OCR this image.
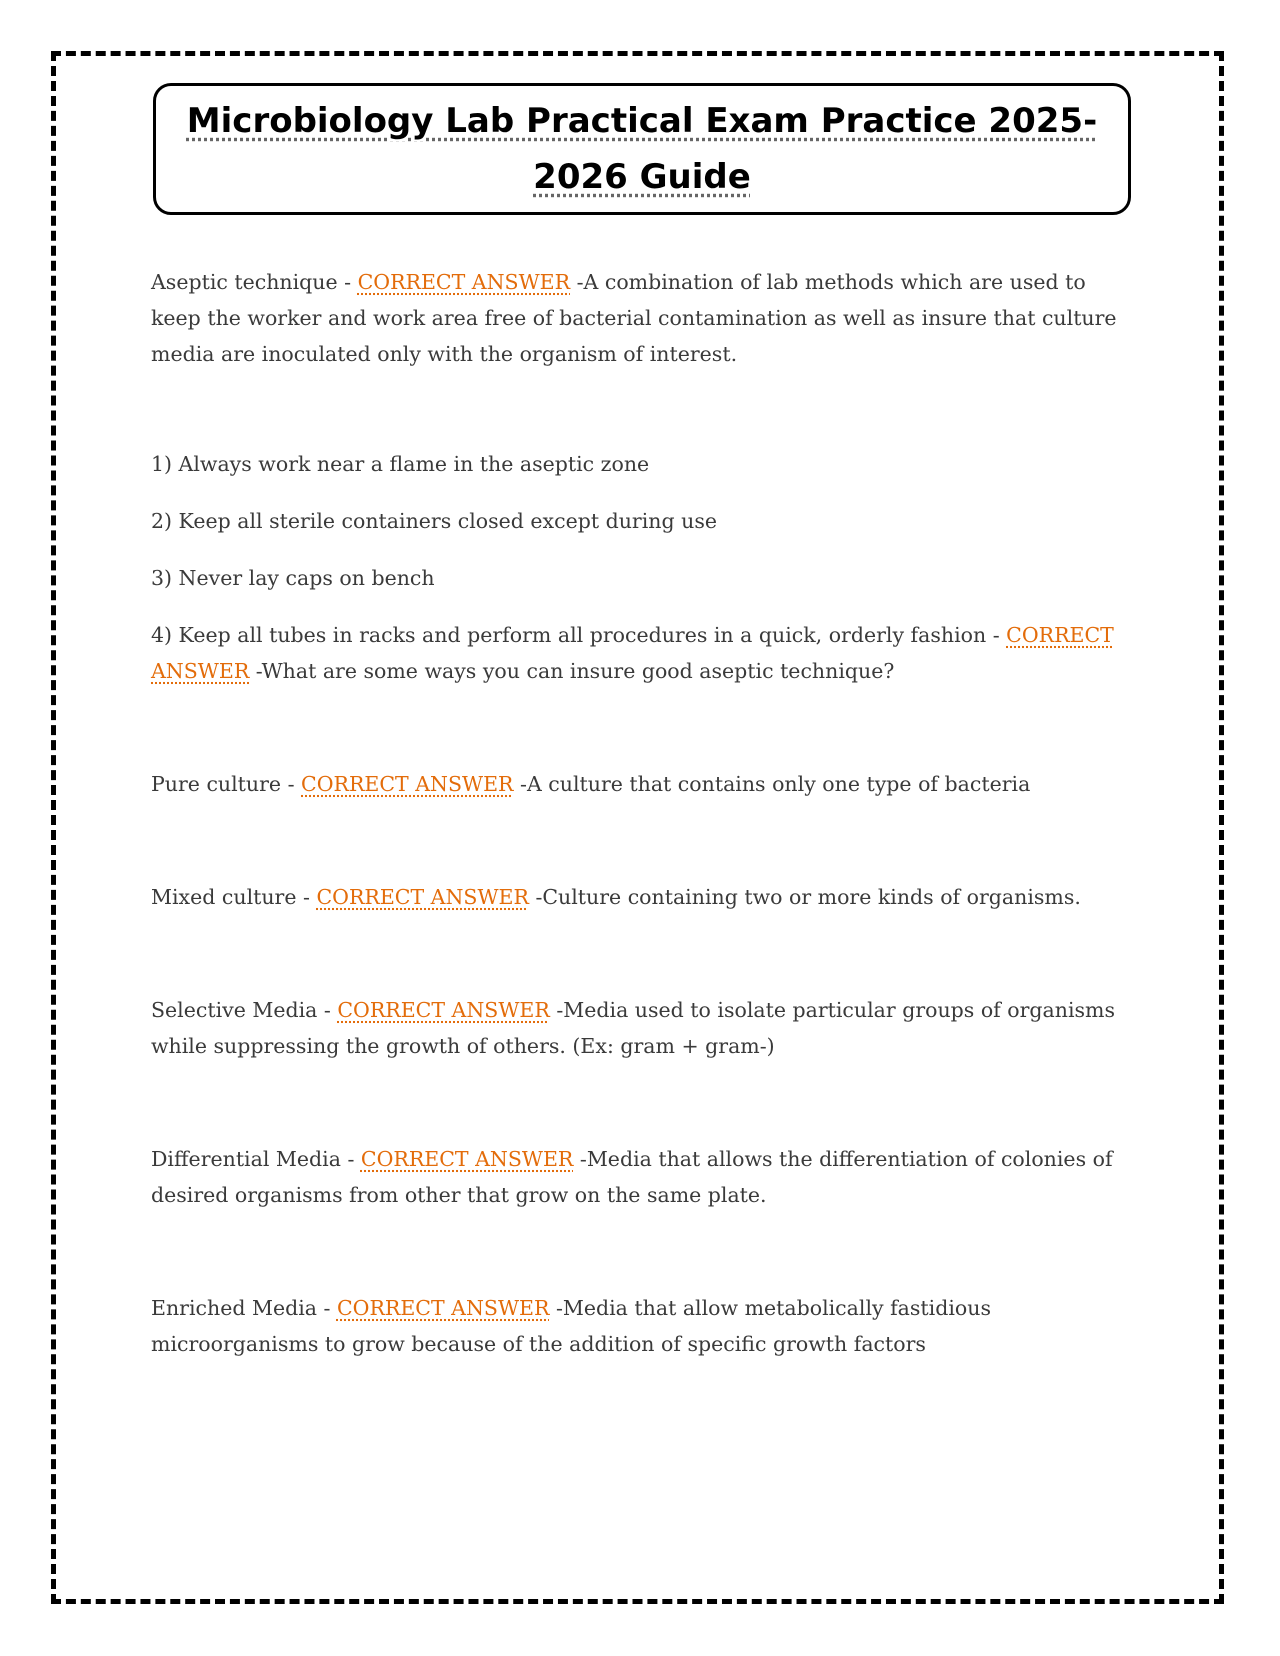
Microbiology Lab Practical Exam Practice 2025-
2026 Guide

Aseptic technique - CORRECT ANSWER -A combination of lab methods which are used to keep the worker and work area free of bacterial contamination as well as insure that culture media are inoculated only with the organism of interest.

1) Always work near a flame in the aseptic zone

2) Keep all sterile containers closed except during use

3) Never lay caps on bench

4) Keep all tubes in racks and perform all procedures in a quick, orderly fashion - CORRECT ANSWER -What are some ways you can insure good aseptic technique?

Pure culture - CORRECT ANSWER -A culture that contains only one type of bacteria

Mixed culture - CORRECT ANSWER -Culture containing two or more kinds of organisms.

Selective Media - CORRECT ANSWER -Media used to isolate particular groups of organisms while suppressing the growth of others. (Ex: gram + gram-)

Differential Media - CORRECT ANSWER -Media that allows the differentiation of colonies of desired organisms from other that grow on the same plate.

Enriched Media - CORRECT ANSWER -Media that allow metabolically fastidious microorganisms to grow because of the addition of specific growth factors
